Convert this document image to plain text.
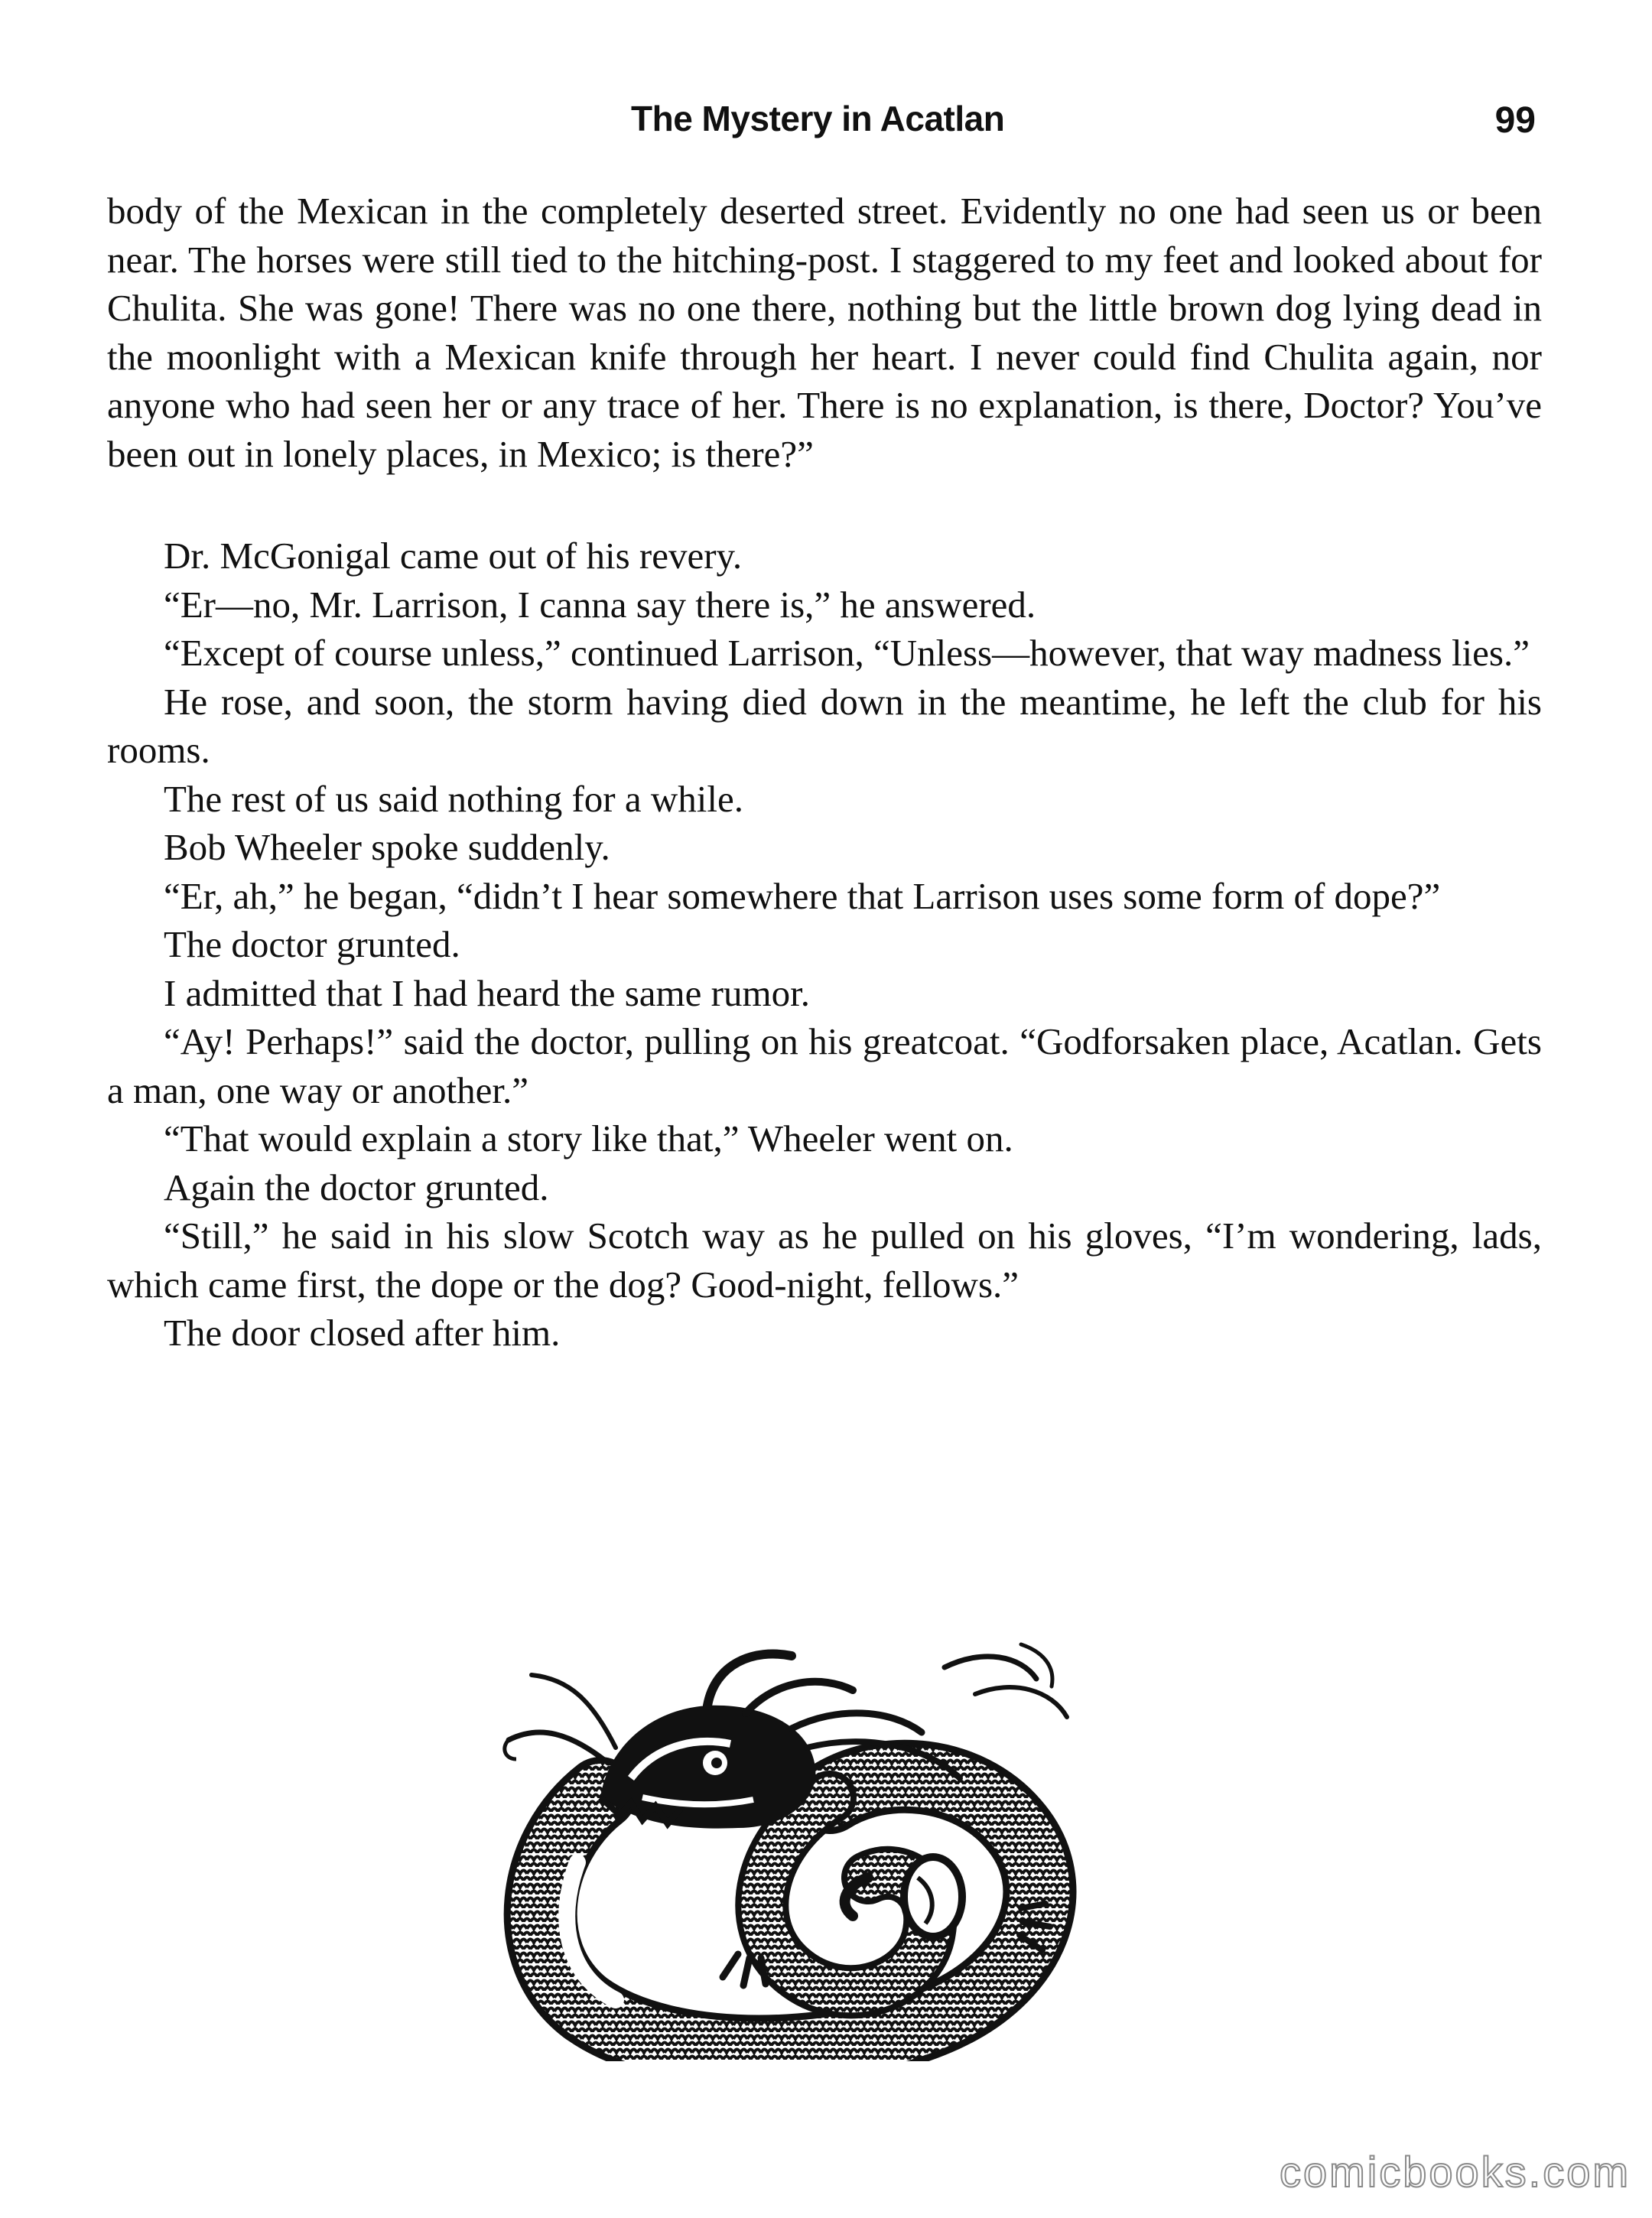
The Mystery in Acatlan	99

body of the Mexican in the completely deserted street. Evidently no one had seen us or been near. The horses were still tied to the hitching-post. I staggered to my feet and looked about for Chulita. She was gone! There was no one there, nothing but the little brown dog lying dead in the moonlight with a Mexican knife through her heart. I never could find Chulita again, nor anyone who had seen her or any trace of her. There is no explanation, is there, Doctor? You’ve been out in lonely places, in Mexico; is there?”

Dr. McGonigal came out of his revery.

“Er—no, Mr. Larrison, I canna say there is,” he answered.

“Except of course unless,” continued Larrison, “Unless—however, that way madness lies.”

He rose, and soon, the storm having died down in the meantime, he left the club for his rooms.

The rest of us said nothing for a while.

Bob Wheeler spoke suddenly.

“Er, ah,” he began, “didn’t I hear somewhere that Larrison uses some form of dope?”

The doctor grunted.

I admitted that I had heard the same rumor.

“Ay! Perhaps!” said the doctor, pulling on his greatcoat. “Godforsaken place, Acatlan. Gets a man, one way or another.”

“That would explain a story like that,” Wheeler went on.

Again the doctor grunted.

“Still,” he said in his slow Scotch way as he pulled on his gloves, “I’m wondering, lads, which came first, the dope or the dog? Good-night, fellows.”

The door closed after him.

comicbooks.com
